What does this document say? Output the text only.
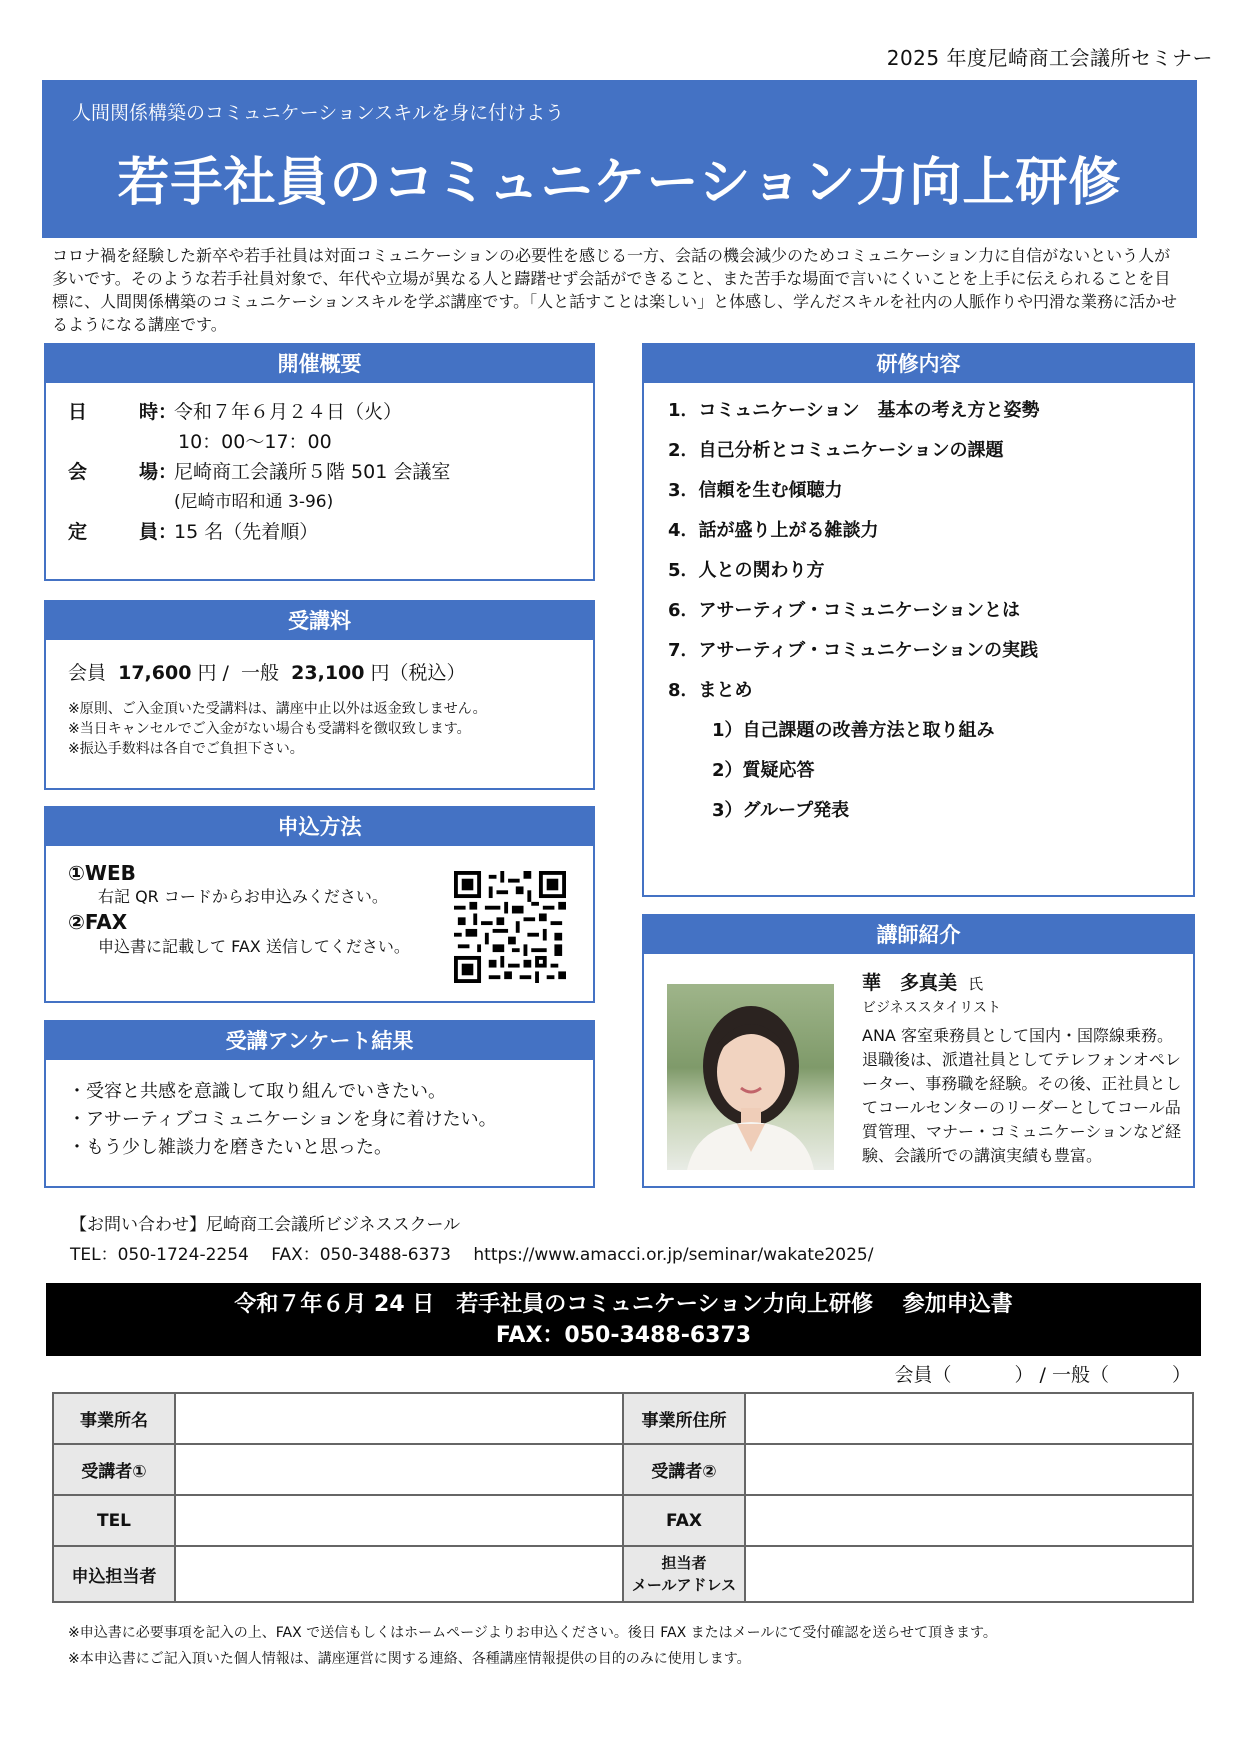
2025 年度尼崎商工会議所セミナー
人間関係構築のコミュニケーションスキルを身に付けよう
若手社員のコミュニケーション力向上研修
コロナ禍を経験した新卒や若手社員は対面コミュニケーションの必要性を感じる一方、会話の機会減少のためコミュニケーション力に自信がないという人が多いです。そのような若手社員対象で、年代や立場が異なる人と躊躇せず会話ができること、また苦手な場面で言いにくいことを上手に伝えられることを目標に、人間関係構築のコミュニケーションスキルを学ぶ講座です。「人と話すことは楽しい」と体感し、学んだスキルを社内の人脈作りや円滑な業務に活かせるようになる講座です。
開催概要
日	時 ：
令和７年６月２４日（火）
10：00〜17：00
会	場 ：
尼崎商工会議所５階 501 会議室
(尼崎市昭和通 3-96)
定	員 ：
15 名（先着順）
受講料
会員 17,600 円 / 一般 23,100 円（税込）
※原則、ご入金頂いた受講料は、講座中止以外は返金致しません。
※当日キャンセルでご入金がない場合も受講料を徴収致します。
※振込手数料は各自でご負担下さい。
申込方法
①WEB
右記 QR コードからお申込みください。
②FAX
申込書に記載して FAX 送信してください。
受講アンケート結果
・受容と共感を意識して取り組んでいきたい。
・アサーティブコミュニケーションを身に着けたい。
・もう少し雑談力を磨きたいと思った。
研修内容
1．コミュニケーション　基本の考え方と姿勢
2．自己分析とコミュニケーションの課題
3．信頼を生む傾聴力
4．話が盛り上がる雑談力
5．人との関わり方
6．アサーティブ・コミュニケーションとは
7．アサーティブ・コミュニケーションの実践
8．まとめ
1）自己課題の改善方法と取り組み
2）質疑応答
3）グループ発表
講師紹介
華　多真美 氏
ビジネススタイリスト
ANA 客室乗務員として国内・国際線乗務。退職後は、派遣社員としてテレフォンオペレーター、事務職を経験。その後、正社員としてコールセンターのリーダーとしてコール品質管理、マナー・コミュニケーションなど経験、会議所での講演実績も豊富。
【お問い合わせ】尼崎商工会議所ビジネススクール
TEL：050-1724-2254　 FAX：050-3488-6373　 https://www.amacci.or.jp/seminar/wakate2025/
令和７年６月 24 日　若手社員のコミュニケーション力向上研修　 参加申込書
FAX：050-3488-6373
会員（　　　 ） / 一般（　　　 ）
事業所名		事業所住所	
受講者①		受講者②	
TEL		FAX	
申込担当者		担当者
メールアドレス	

※申込書に必要事項を記入の上、FAX で送信もしくはホームページよりお申込ください。後日 FAX またはメールにて受付確認を送らせて頂きます。
※本申込書にご記入頂いた個人情報は、講座運営に関する連絡、各種講座情報提供の目的のみに使用します。
